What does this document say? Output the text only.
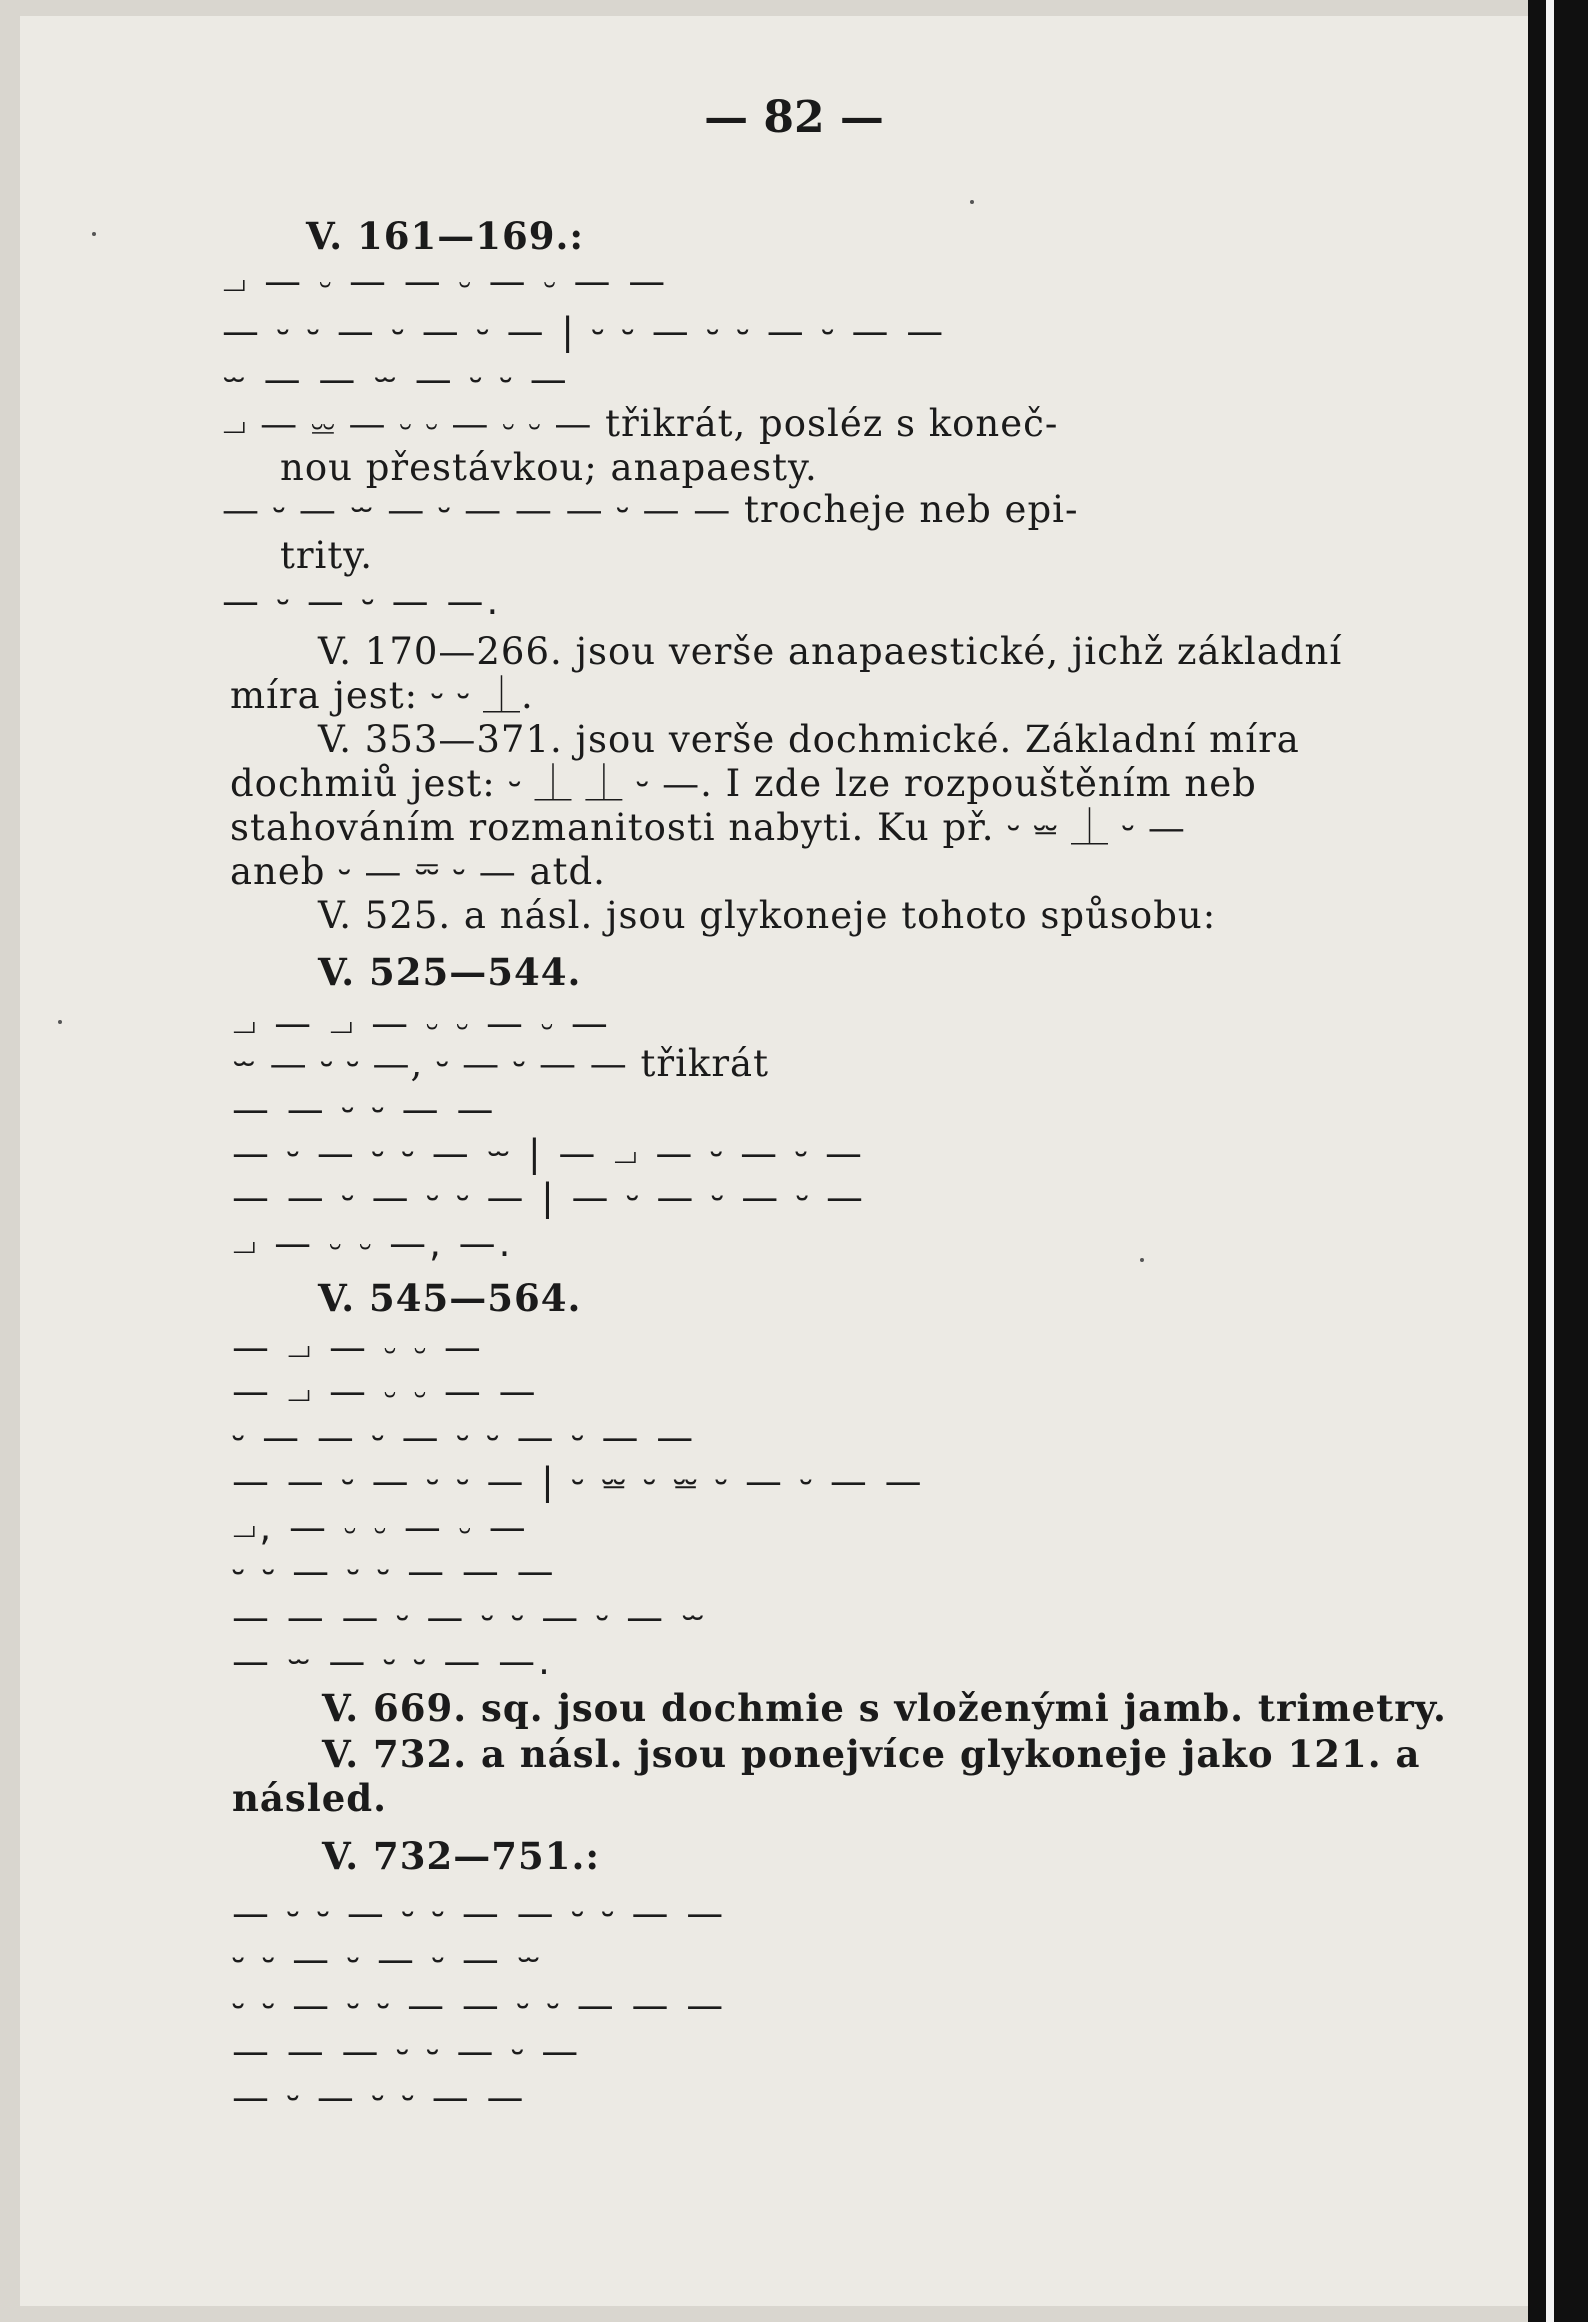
— 82 —
V. 161—169.:
⏗ — ⏑ — — ⏑ — ⏑ — —
— ⏑ ⏑ — ⏑ — ⏑ — | ⏑ ⏑ — ⏑ ⏑ — ⏑ — —
⏖ — — ⏖ — ⏑ ⏑ —
⏗ — ⏕ — ⏑ ⏑ — ⏑ ⏑ — třikrát, posléz s koneč-
nou přestávkou; anapaesty.
— ⏑ — ⏖ — ⏑ — — — ⏑ — — trocheje neb epi-
trity.
— ⏑ — ⏑ — —.
V. 170—266. jsou verše anapaestické, jichž základní
míra jest: ⏑ ⏑ ⏊.
V. 353—371. jsou verše dochmické. Základní míra
dochmiů jest: ⏑ ⏊ ⏊ ⏑ —. I zde lze rozpouštěním neb
stahováním rozmanitosti nabyti. Ku př. ⏑ ⏕ ⏊ ⏑ —
aneb ⏑ — ⏔ ⏑ — atd.
V. 525. a násl. jsou glykoneje tohoto spůsobu:
V. 525—544.
⏗ — ⏗ — ⏑ ⏑ — ⏑ —
⏖ — ⏑ ⏑ —, ⏑ — ⏑ — — třikrát
— — ⏑ ⏑ — —
— ⏑ — ⏑ ⏑ — ⏖ | — ⏗ — ⏑ — ⏑ —
— — ⏑ — ⏑ ⏑ — | — ⏑ — ⏑ — ⏑ —
⏗ — ⏑ ⏑ —, —.
V. 545—564.
— ⏗ — ⏑ ⏑ —
— ⏗ — ⏑ ⏑ — —
⏑ — — ⏑ — ⏑ ⏑ — ⏑ — —
— — ⏑ — ⏑ ⏑ — | ⏑ ⏕ ⏑ ⏕ ⏑ — ⏑ — —
⏗, — ⏑ ⏑ — ⏑ —
⏑ ⏑ — ⏑ ⏑ — — —
— — — ⏑ — ⏑ ⏑ — ⏑ — ⏖
— ⏖ — ⏑ ⏑ — —.
V. 669. sq. jsou dochmie s vloženými jamb. trimetry.
V. 732. a násl. jsou ponejvíce glykoneje jako 121. a
násled.
V. 732—751.:
— ⏑ ⏑ — ⏑ ⏑ — — ⏑ ⏑ — —
⏑ ⏑ — ⏑ — ⏑ — ⏖
⏑ ⏑ — ⏑ ⏑ — — ⏑ ⏑ — — —
— — — ⏑ ⏑ — ⏑ —
— ⏑ — ⏑ ⏑ — —
